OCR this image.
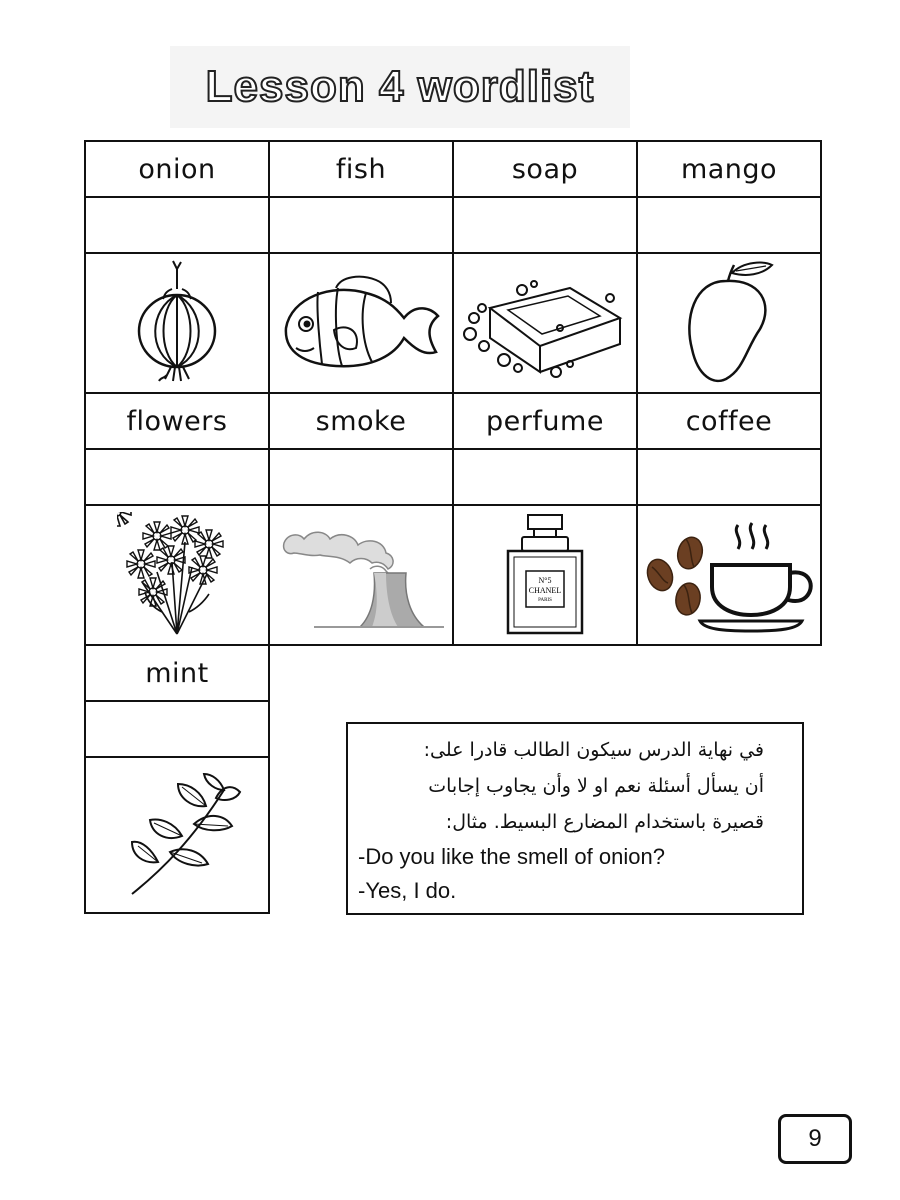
Lesson 4 wordlist
onion	fish	soap	mango

flowers	smoke	perfume	coffee

N°5
CHANEL
PARIS

mint			

في نهاية الدرس سيكون الطالب قادرا على:
أن يسأل أسئلة نعم او لا وأن يجاوب إجابات
قصيرة باستخدام المضارع البسيط. مثال:
-Do you like the smell of onion?
-Yes, I do.
9
